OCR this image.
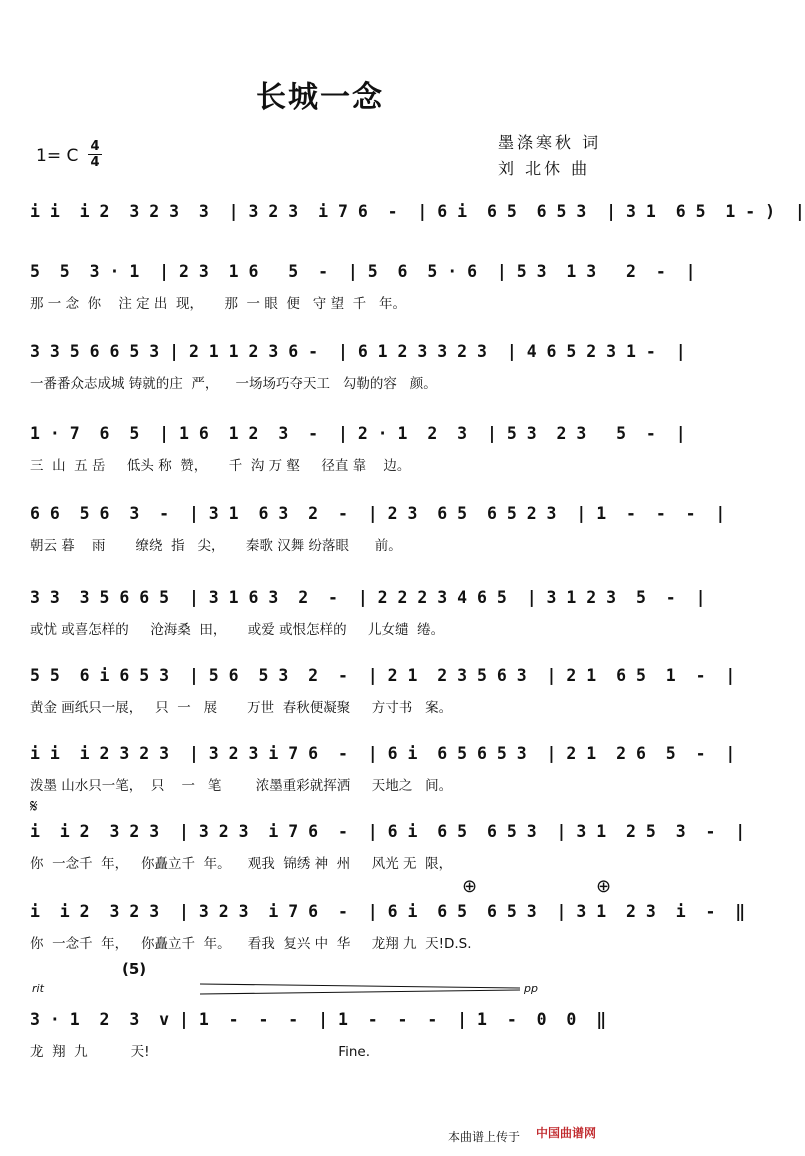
长城一念
1= C 4
4
墨涤寒秋 词
刘 北休 曲
i i  i 2  3 2 3  3  | 3 2 3  i 7 6  -  | 6 i  6 5  6 5 3  | 3 1  6 5  1 - )  |
5  5  3 · 1  | 2 3  1 6   5  -  | 5  6  5 · 6  | 5 3  1 3   2  -  |
那 一 念  你    注 定 出  现，     那  一 眼  便   守 望  千   年。
3 3 5 6 6 5 3 | 2 1 1 2 3 6 -  | 6 1 2 3 3 2 3  | 4 6 5 2 3 1 -  |
一番番众志成城 铸就的庄  严，    一场场巧夺天工   勾勒的容   颜。
1 · 7  6  5  | 1 6  1 2  3  -  | 2 · 1  2  3  | 5 3  2 3   5  -  |
三  山  五 岳     低头 称  赞，     千  沟 万 壑     径直 靠    边。
6 6  5 6  3  -  | 3 1  6 3  2  -  | 2 3  6 5  6 5 2 3  | 1  -  -  -  |
朝云 暮    雨       缭绕  指   尖，     秦歌 汉舞 纷落眼      前。
3 3  3 5 6 6 5  | 3 1 6 3  2  -  | 2 2 2 3 4 6 5  | 3 1 2 3  5  -  |
或忧 或喜怎样的     沧海桑  田，     或爱 或恨怎样的     儿女缱  绻。
5 5  6 i 6 5 3  | 5 6  5 3  2  -  | 2 1  2 3 5 6 3  | 2 1  6 5  1  -  |
黄金 画纸只一展，   只  一   展       万世  春秋便凝聚     方寸书   案。
i i  i 2 3 2 3  | 3 2 3 i 7 6  -  | 6 i  6 5 6 5 3  | 2 1  2 6  5  -  |
泼墨 山水只一笔，  只    一   笔        浓墨重彩就挥洒     天地之   间。
𝄋
i  i 2  3 2 3  | 3 2 3  i 7 6  -  | 6 i  6 5  6 5 3  | 3 1  2 5  3  -  |
你  一念千  年，   你矗立千  年。    观我  锦绣 神  州     风光 无  限，
⊕	⊕
i  i 2  3 2 3  | 3 2 3  i 7 6  -  | 6 i  6 5  6 5 3  | 3 1  2 3  i  -  ‖
你  一念千  年，   你矗立千  年。    看我  复兴 中  华     龙翔 九  天!D.S.
rit
(5)
pp
3 · 1  2  3  v | 1  -  -  -  | 1  -  -  -  | 1  -  0  0  ‖
龙  翔  九          天!                                            Fine.
本曲谱上传于 中国曲谱网
